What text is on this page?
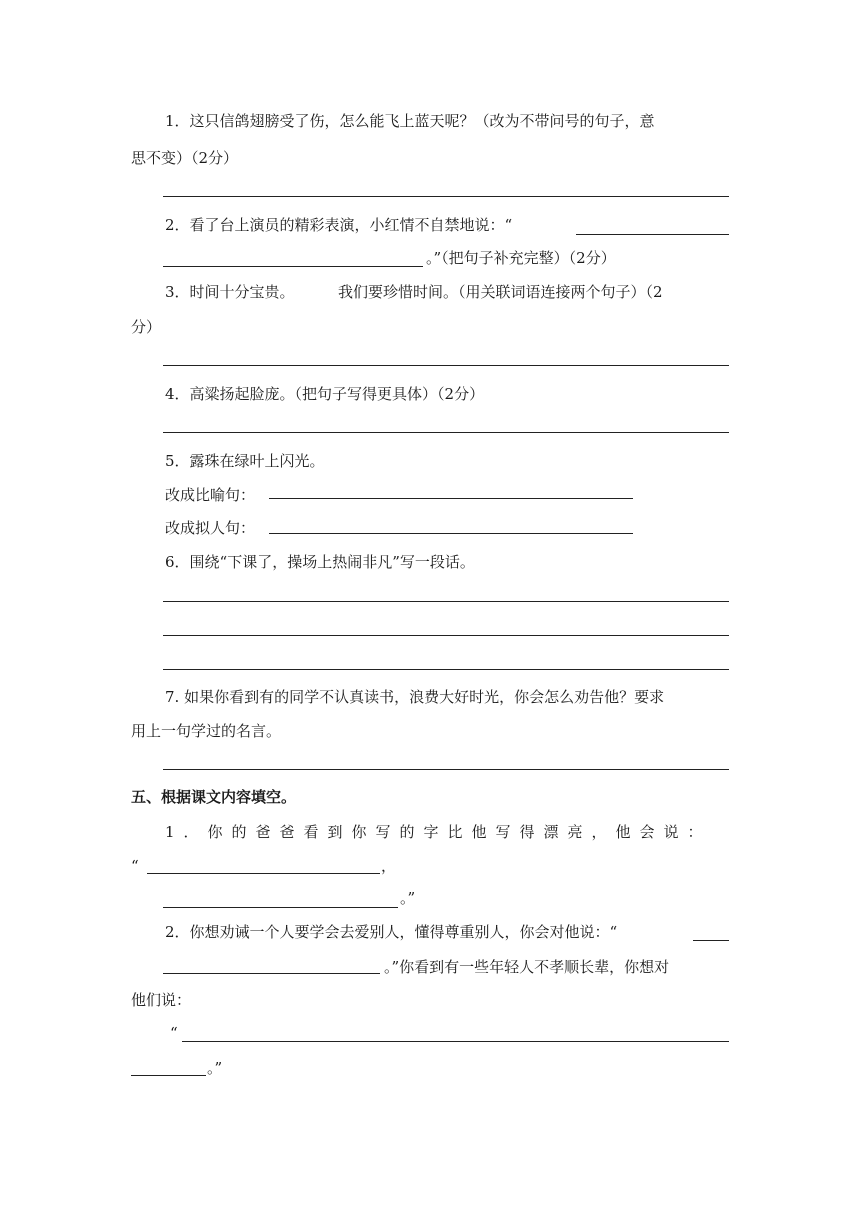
1．这只信鸽翅膀受了伤，怎么能飞上蓝天呢？（改为不带问号的句子，意
思不变）（2分）
2．看了台上演员的精彩表演，小红情不自禁地说：“
。”（把句子补充完整）（2分）
3．时间十分宝贵。	我们要珍惜时间。（用关联词语连接两个句子）（2
分）
4．高粱扬起脸庞。（把句子写得更具体）（2分）
5．露珠在绿叶上闪光。
改成比喻句：
改成拟人句：
6．围绕“下课了，操场上热闹非凡”写一段话。
7. 如果你看到有的同学不认真读书，浪费大好时光，你会怎么劝告他？要求
用上一句学过的名言。
五、根据课文内容填空。
1．你的爸爸看到你写的字比他写得漂亮，他会说：
“	，
。”
2．你想劝诫一个人要学会去爱别人，懂得尊重别人，你会对他说：“
。”你看到有一些年轻人不孝顺长辈，你想对
他们说：
“
。”
